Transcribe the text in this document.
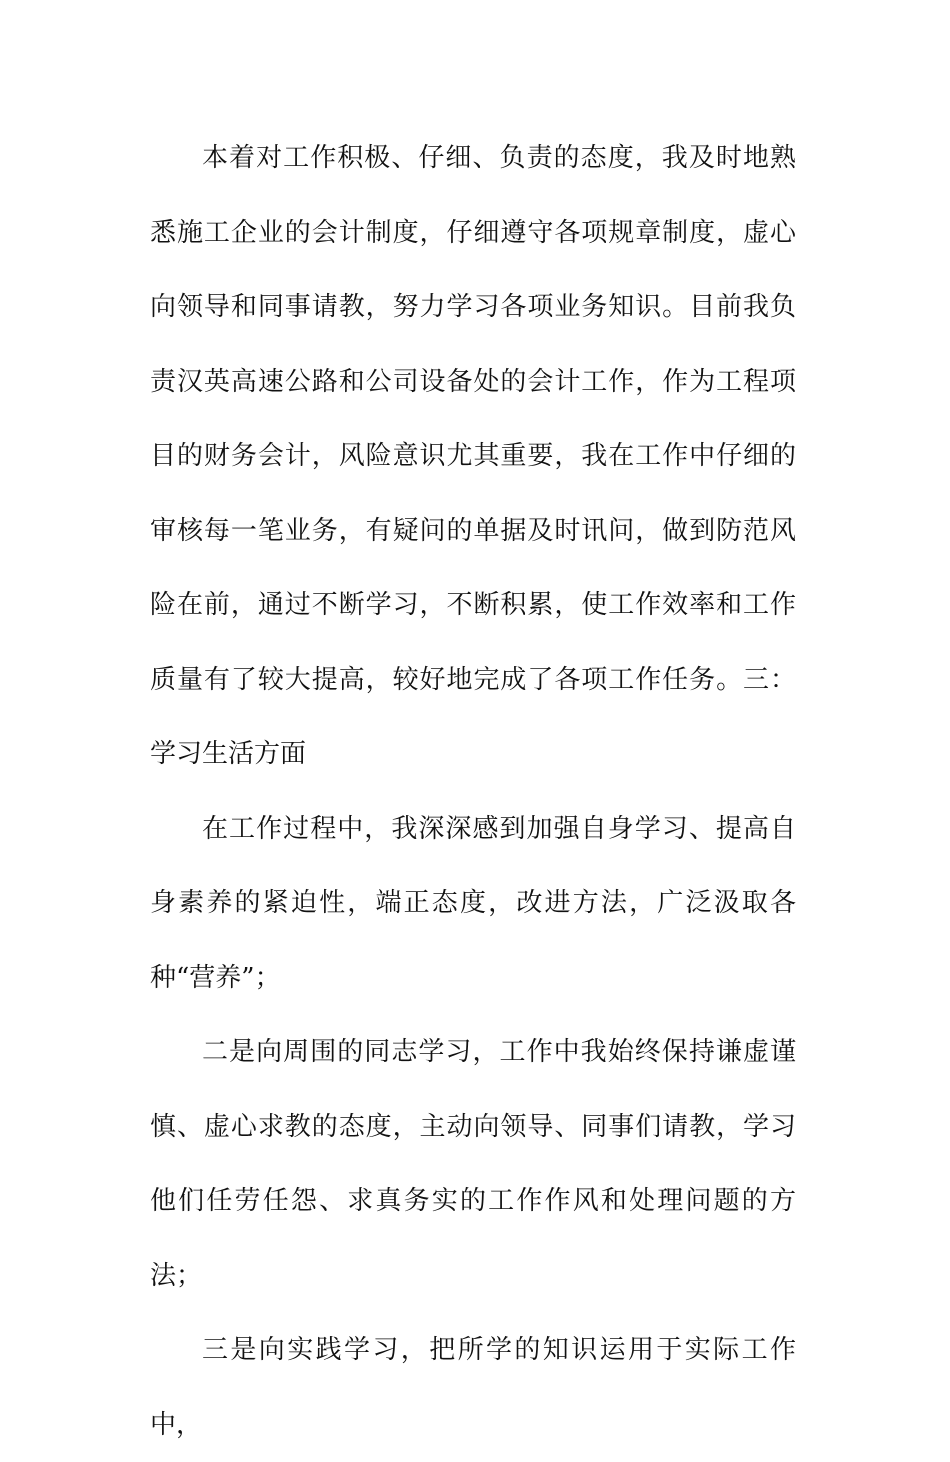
本着对工作积极、仔细、负责的态度，我及时地熟悉施工企业的会计制度，仔细遵守各项规章制度，虚心向领导和同事请教，努力学习各项业务知识。目前我负责汉英高速公路和公司设备处的会计工作，作为工程项目的财务会计，风险意识尤其重要，我在工作中仔细的审核每一笔业务，有疑问的单据及时讯问，做到防范风险在前，通过不断学习，不断积累，使工作效率和工作质量有了较大提高，较好地完成了各项工作任务。三：学习生活方面

在工作过程中，我深深感到加强自身学习、提高自身素养的紧迫性，端正态度，改进方法，广泛汲取各种“营养”；

二是向周围的同志学习，工作中我始终保持谦虚谨慎、虚心求教的态度，主动向领导、同事们请教，学习他们任劳任怨、求真务实的工作作风和处理问题的方法；

三是向实践学习，把所学的知识运用于实际工作中，
